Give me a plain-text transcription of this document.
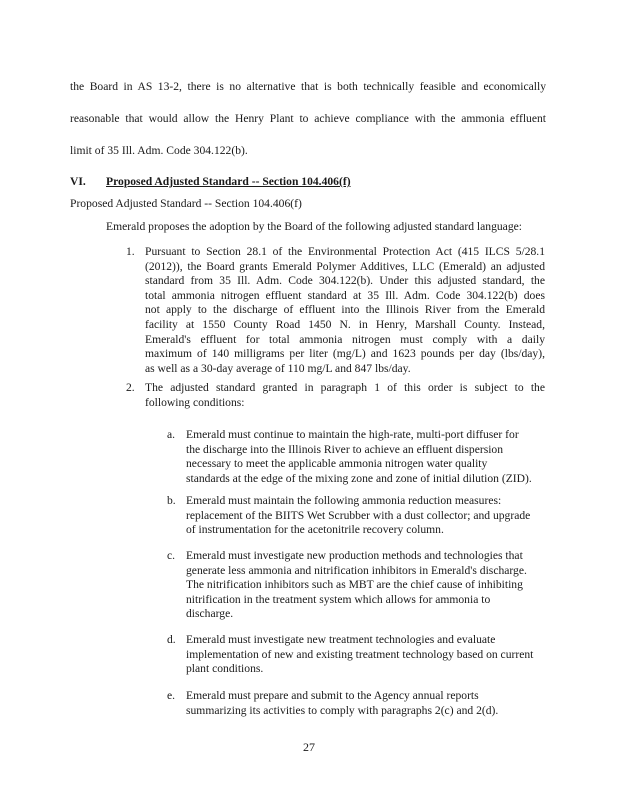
the Board in AS 13-2, there is no alternative that is both technically feasible and economically
reasonable that would allow the Henry Plant to achieve compliance with the ammonia effluent
limit of 35 Ill. Adm. Code 304.122(b).
VI. Proposed Adjusted Standard -- Section 104.406(f)
Proposed Adjusted Standard -- Section 104.406(f)
Emerald proposes the adoption by the Board of the following adjusted standard language:
1. Pursuant to Section 28.1 of the Environmental Protection Act (415 ILCS 5/28.1
(2012)), the Board grants Emerald Polymer Additives, LLC (Emerald) an adjusted
standard from 35 Ill. Adm. Code 304.122(b). Under this adjusted standard, the
total ammonia nitrogen effluent standard at 35 Ill. Adm. Code 304.122(b) does
not apply to the discharge of effluent into the Illinois River from the Emerald
facility at 1550 County Road 1450 N. in Henry, Marshall County. Instead,
Emerald's effluent for total ammonia nitrogen must comply with a daily
maximum of 140 milligrams per liter (mg/L) and 1623 pounds per day (lbs/day),
as well as a 30-day average of 110 mg/L and 847 lbs/day.
2. The adjusted standard granted in paragraph 1 of this order is subject to the
following conditions:
a. Emerald must continue to maintain the high-rate, multi-port diffuser for
the discharge into the Illinois River to achieve an effluent dispersion
necessary to meet the applicable ammonia nitrogen water quality
standards at the edge of the mixing zone and zone of initial dilution (ZID).
b. Emerald must maintain the following ammonia reduction measures:
replacement of the BIITS Wet Scrubber with a dust collector; and upgrade
of instrumentation for the acetonitrile recovery column.
c. Emerald must investigate new production methods and technologies that
generate less ammonia and nitrification inhibitors in Emerald's discharge.
The nitrification inhibitors such as MBT are the chief cause of inhibiting
nitrification in the treatment system which allows for ammonia to
discharge.
d. Emerald must investigate new treatment technologies and evaluate
implementation of new and existing treatment technology based on current
plant conditions.
e. Emerald must prepare and submit to the Agency annual reports
summarizing its activities to comply with paragraphs 2(c) and 2(d).
27
